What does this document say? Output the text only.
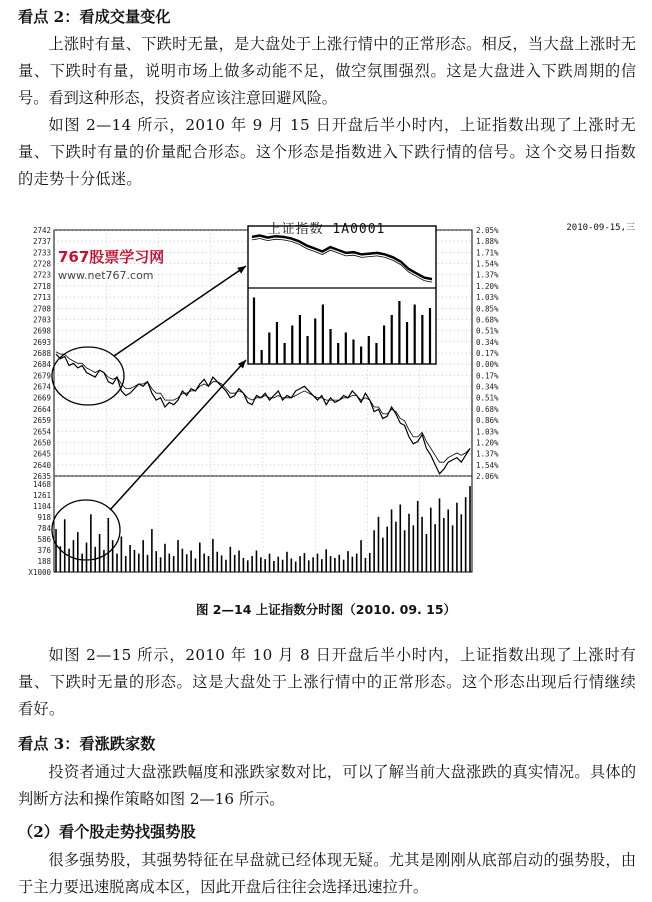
看点 2：看成交量变化

上涨时有量、下跌时无量，是大盘处于上涨行情中的正常形态。相反，当大盘上涨时无量、下跌时有量，说明市场上做多动能不足，做空氛围强烈。这是大盘进入下跌周期的信号。看到这种形态，投资者应该注意回避风险。

如图 2—14 所示，2010 年 9 月 15 日开盘后半小时内，上证指数出现了上涨时无量、下跌时有量的价量配合形态。这个形态是指数进入下跌行情的信号。这个交易日指数的走势十分低迷。

2742
2737
2733
2728
2723
2718
2713
2708
2703
2698
2693
2688
2684
2679
2674
2669
2664
2659
2654
2650
2645
2640
2635
2.05%
1.88%
1.71%
1.54%
1.37%
1.20%
1.03%
0.85%
0.68%
0.51%
0.34%
0.17%
0.00%
0.17%
0.34%
0.51%
0.68%
0.86%
1.03%
1.20%
1.37%
1.54%
2.06%
1468
1261
1104
918
784
586
376
188
X1000
上证指数 1A0001	2010-09-15,三
767股票学习网
www.net767.com
图 2—14 上证指数分时图（2010. 09. 15）

如图 2—15 所示，2010 年 10 月 8 日开盘后半小时内，上证指数出现了上涨时有量、下跌时无量的形态。这是大盘处于上涨行情中的正常形态。这个形态出现后行情继续看好。

看点 3：看涨跌家数

投资者通过大盘涨跌幅度和涨跌家数对比，可以了解当前大盘涨跌的真实情况。具体的判断方法和操作策略如图 2—16 所示。

（2）看个股走势找强势股

很多强势股，其强势特征在早盘就已经体现无疑。尤其是刚刚从底部启动的强势股，由于主力要迅速脱离成本区，因此开盘后往往会选择迅速拉升。
